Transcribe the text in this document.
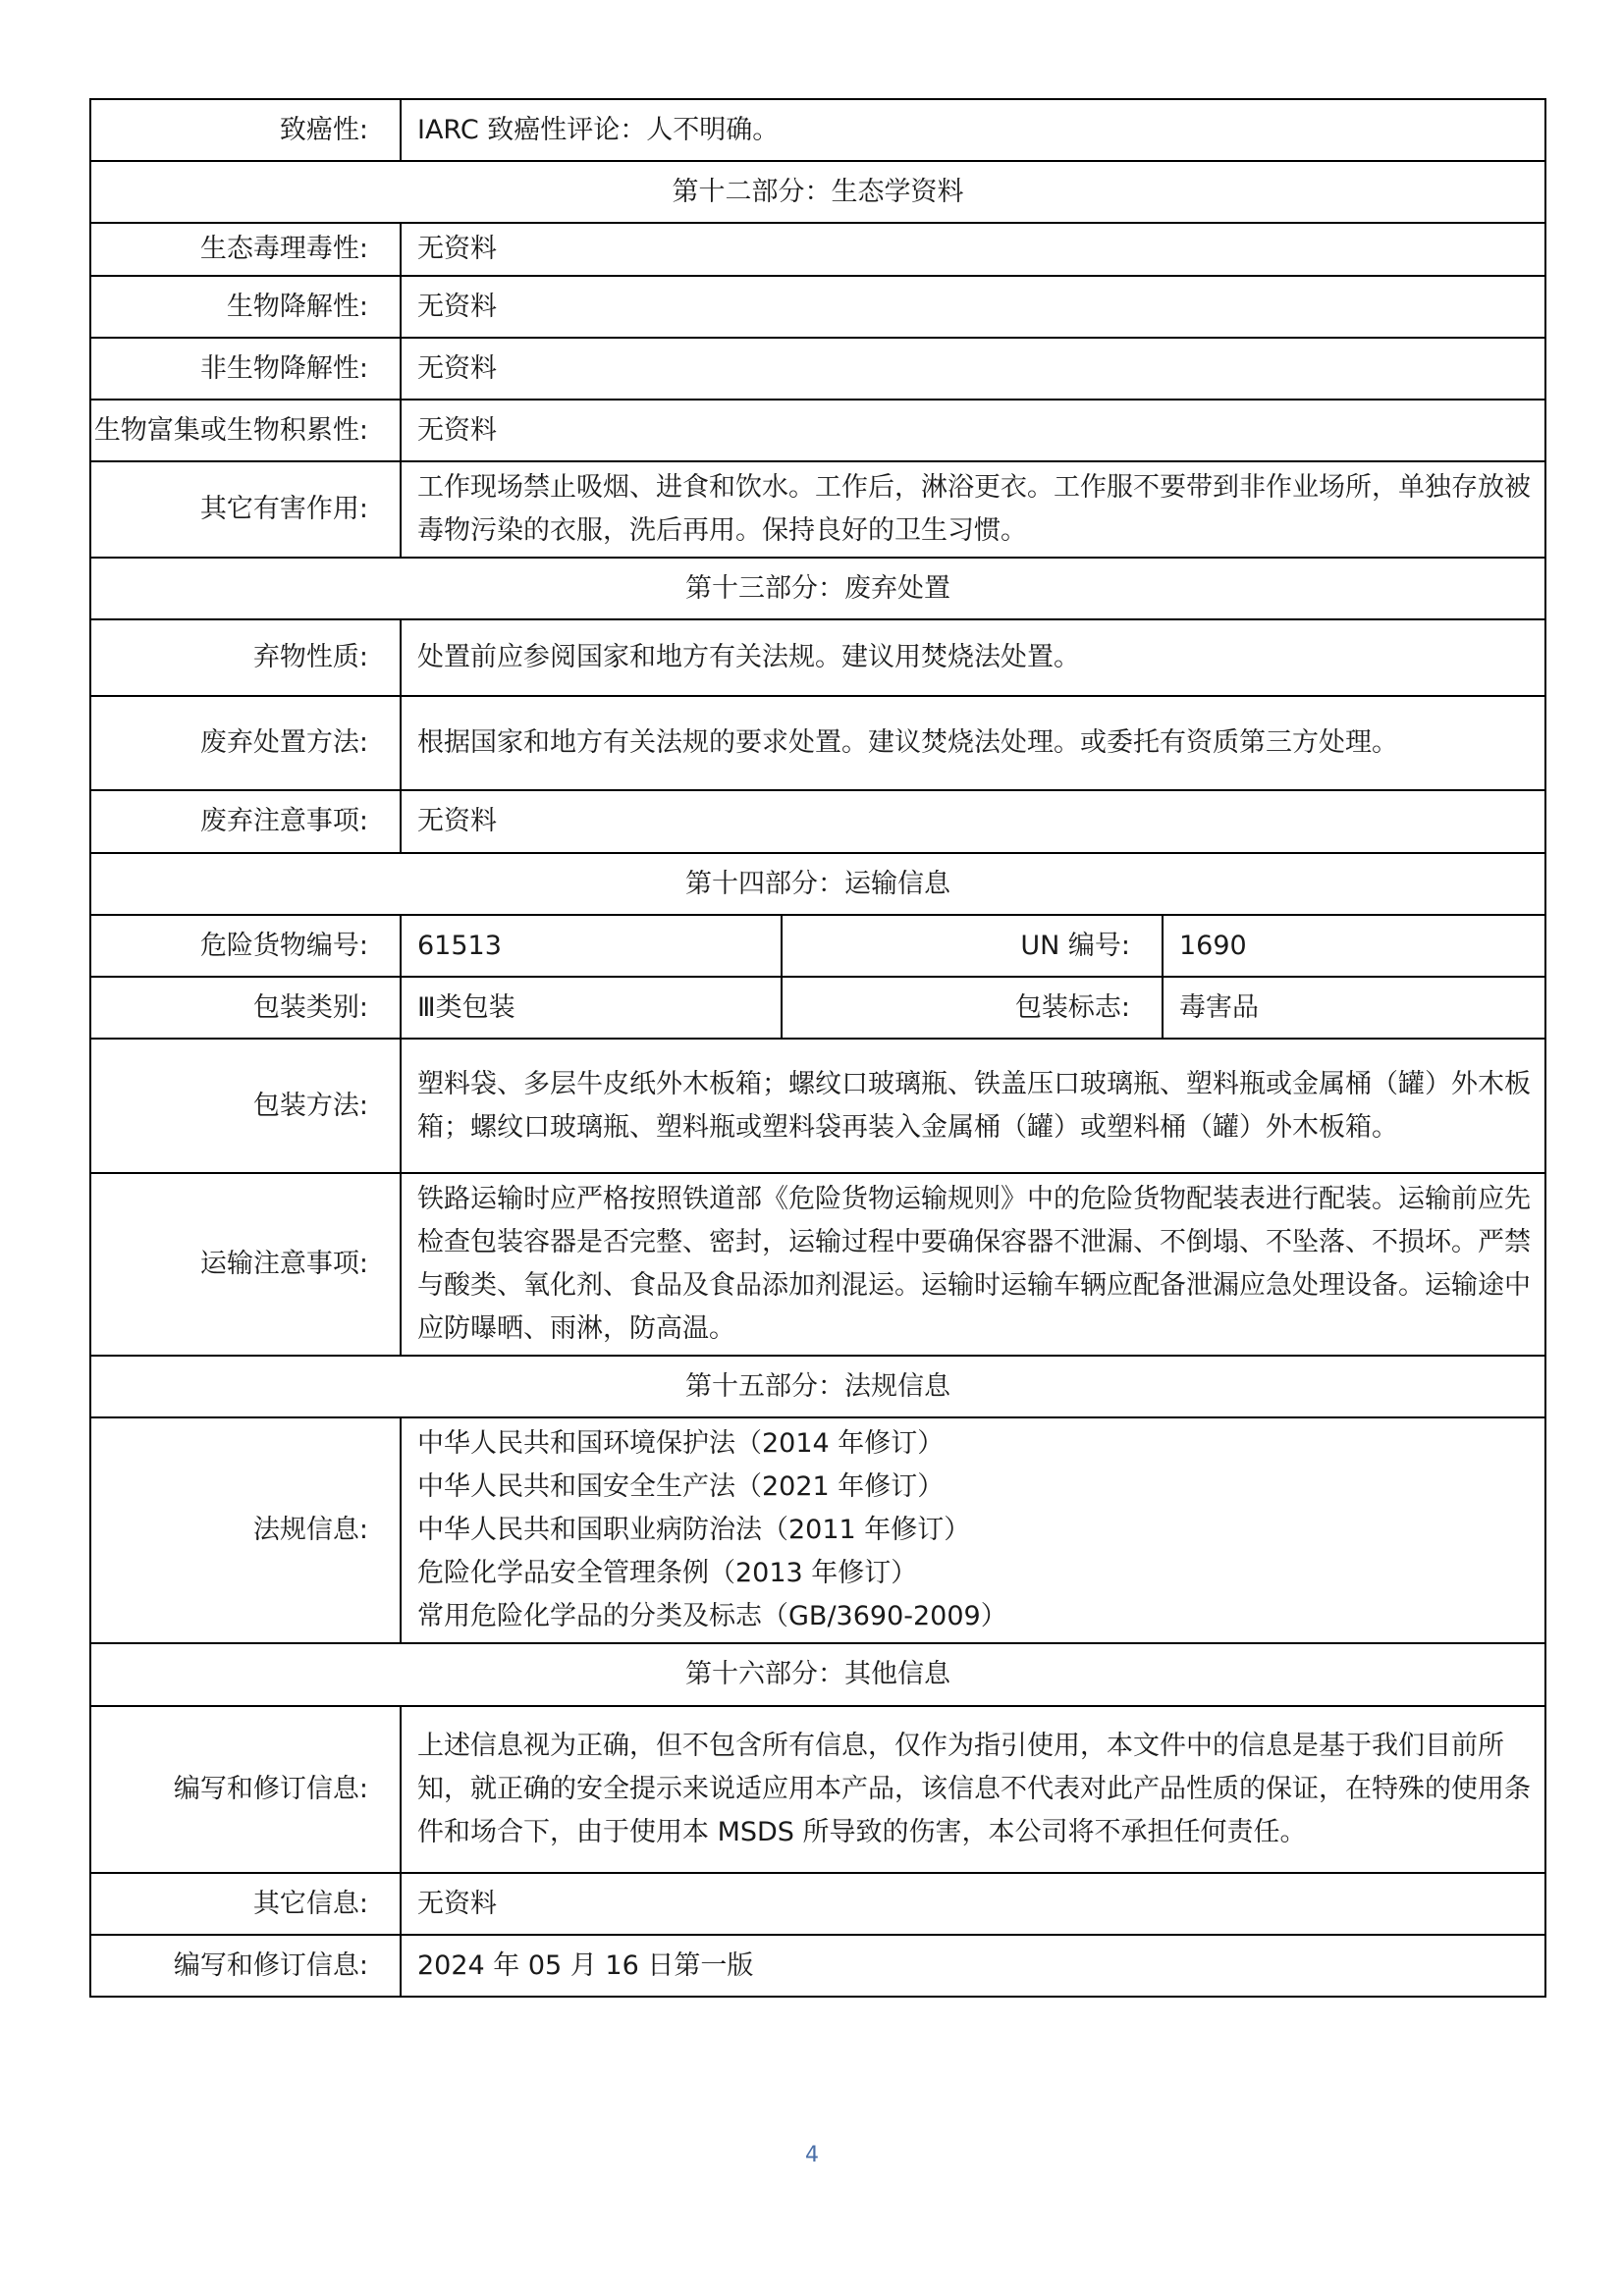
致癌性:	IARC 致癌性评论：人不明确。		
第十二部分：生态学资料			
生态毒理毒性:	无资料		
生物降解性:	无资料		
非生物降解性:	无资料		
生物富集或生物积累性:	无资料		
其它有害作用:	工作现场禁止吸烟、进食和饮水。工作后，淋浴更衣。工作服不要带到非作业场所，单独存放被毒物污染的衣服，洗后再用。保持良好的卫生习惯。		
第十三部分：废弃处置			
弃物性质:	处置前应参阅国家和地方有关法规。建议用焚烧法处置。		
废弃处置方法:	根据国家和地方有关法规的要求处置。建议焚烧法处理。或委托有资质第三方处理。		
废弃注意事项:	无资料		
第十四部分：运输信息			
危险货物编号:	61513	UN 编号:	1690
包装类别:	Ⅲ类包装	包装标志:	毒害品
包装方法:	塑料袋、多层牛皮纸外木板箱；螺纹口玻璃瓶、铁盖压口玻璃瓶、塑料瓶或金属桶（罐）外木板箱；螺纹口玻璃瓶、塑料瓶或塑料袋再装入金属桶（罐）或塑料桶（罐）外木板箱。		
运输注意事项:	铁路运输时应严格按照铁道部《危险货物运输规则》中的危险货物配装表进行配装。运输前应先检查包装容器是否完整、密封，运输过程中要确保容器不泄漏、不倒塌、不坠落、不损坏。严禁与酸类、氧化剂、食品及食品添加剂混运。运输时运输车辆应配备泄漏应急处理设备。运输途中应防曝晒、雨淋，防高温。		
第十五部分：法规信息			
法规信息:	中华人民共和国环境保护法（2014 年修订）
中华人民共和国安全生产法（2021 年修订）
中华人民共和国职业病防治法（2011 年修订）
危险化学品安全管理条例（2013 年修订）
常用危险化学品的分类及标志（GB/3690-2009）		

第十六部分：其他信息			
编写和修订信息:	上述信息视为正确，但不包含所有信息，仅作为指引使用，本文件中的信息是基于我们目前所知，就正确的安全提示来说适应用本产品，该信息不代表对此产品性质的保证，在特殊的使用条件和场合下，由于使用本 MSDS 所导致的伤害，本公司将不承担任何责任。		
其它信息:	无资料		
编写和修订信息:	2024 年 05 月 16 日第一版		
4
